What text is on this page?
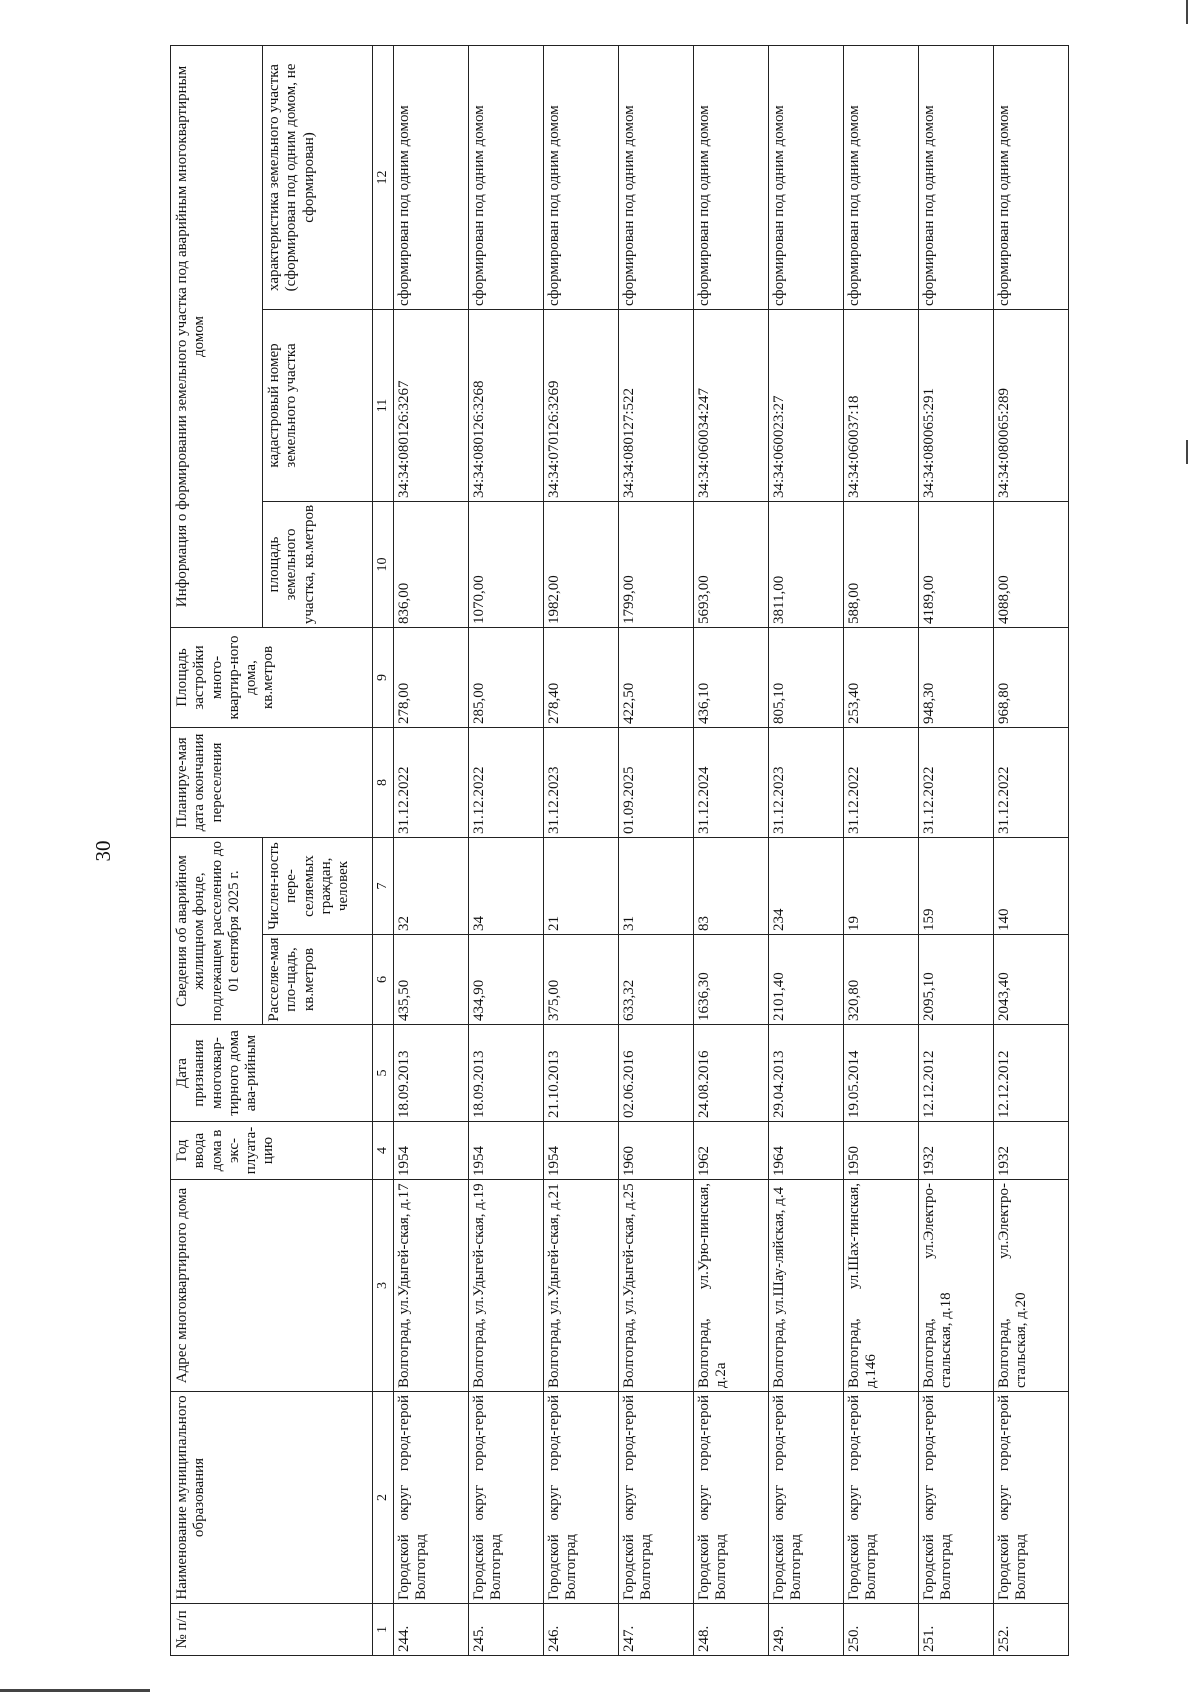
30
№ п/п	Наименование муниципального образования	Адрес многоквартирного дома	Год ввода дома в экс-плуата-цию	Дата признания многоквар-тирного дома ава-рийным	Сведения об аварийном жилищном фонде, подлежащем расселению до 01 сентября 2025 г.		Планируе-мая дата окончания переселения	Площадь застройки много-квартир-ного дома, кв.метров	Информация о формировании земельного участка под аварийным многоквартирным домом		
					Расселяе-мая пло-щадь, кв.метров	Числен-ность пере-селяемых граждан, человек			площадь земельного участка, кв.метров	кадастровый номер земельного участка	характеристика земельного участка (сформирован под одним домом, не сформирован)
1	2	3	4	5	6	7	8	9	10	11	12
244.	Городской округ город-герой Волгоград	Волгоград, ул.Удыгей-ская, д.17	1954	18.09.2013	435,50	32	31.12.2022	278,00	836,00	34:34:080126:3267	сформирован под одним домом
245.	Городской округ город-герой Волгоград	Волгоград, ул.Удыгей-ская, д.19	1954	18.09.2013	434,90	34	31.12.2022	285,00	1070,00	34:34:080126:3268	сформирован под одним домом
246.	Городской округ город-герой Волгоград	Волгоград, ул.Удыгей-ская, д.21	1954	21.10.2013	375,00	21	31.12.2023	278,40	1982,00	34:34:070126:3269	сформирован под одним домом
247.	Городской округ город-герой Волгоград	Волгоград, ул.Удыгей-ская, д.25	1960	02.06.2016	633,32	31	01.09.2025	422,50	1799,00	34:34:080127:522	сформирован под одним домом
248.	Городской округ город-герой Волгоград	Волгоград, ул.Урю-пинская, д.2а	1962	24.08.2016	1636,30	83	31.12.2024	436,10	5693,00	34:34:060034:247	сформирован под одним домом
249.	Городской округ город-герой Волгоград	Волгоград, ул.Шау-ляйская, д.4	1964	29.04.2013	2101,40	234	31.12.2023	805,10	3811,00	34:34:060023:27	сформирован под одним домом
250.	Городской округ город-герой Волгоград	Волгоград, ул.Шах-тинская, д.146	1950	19.05.2014	320,80	19	31.12.2022	253,40	588,00	34:34:060037:18	сформирован под одним домом
251.	Городской округ город-герой Волгоград	Волгоград, ул.Электро-стальская, д.18	1932	12.12.2012	2095,10	159	31.12.2022	948,30	4189,00	34:34:080065:291	сформирован под одним домом
252.	Городской округ город-герой Волгоград	Волгоград, ул.Электро-стальская, д.20	1932	12.12.2012	2043,40	140	31.12.2022	968,80	4088,00	34:34:080065:289	сформирован под одним домом
